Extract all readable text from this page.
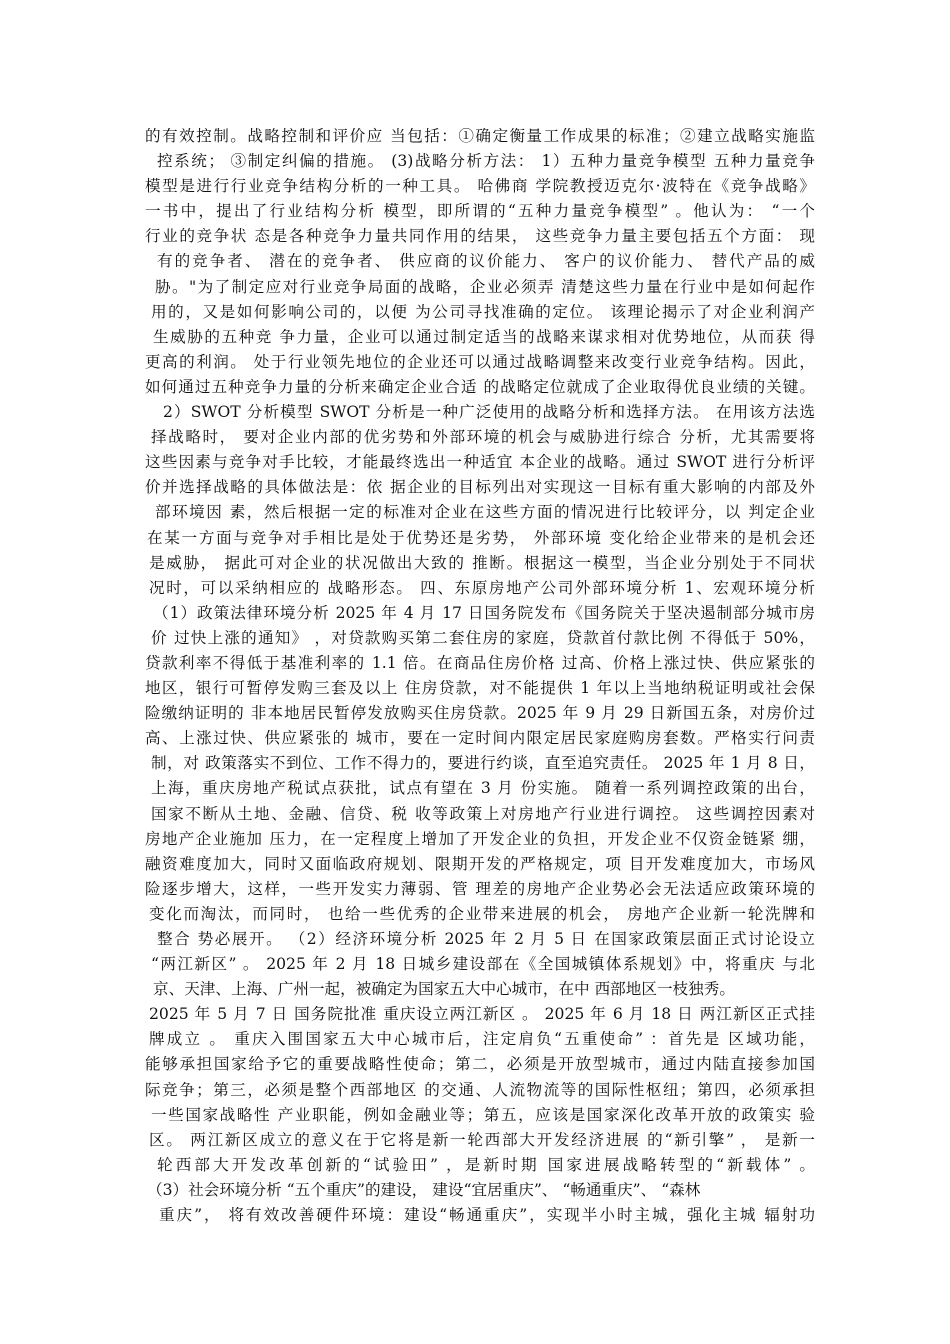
的有效控制。战略控制和评价应 当包括：①确定衡量工作成果的标准；②建立战略实施监
控系统； ③制定纠偏的措施。 (3)战略分析方法： 1）五种力量竞争模型 五种力量竞争
模型是进行行业竞争结构分析的一种工具。 哈佛商 学院教授迈克尔·波特在《竞争战略》
一书中，提出了行业结构分析 模型，即所谓的“五种力量竞争模型” 。他认为： “一个
行业的竞争状 态是各种竞争力量共同作用的结果， 这些竞争力量主要包括五个方面： 现
有的竞争者、 潜在的竞争者、 供应商的议价能力、 客户的议价能力、 替代产品的威
胁。"为了制定应对行业竞争局面的战略，企业必须弄 清楚这些力量在行业中是如何起作
用的，又是如何影响公司的，以便 为公司寻找准确的定位。 该理论揭示了对企业利润产
生威胁的五种竞 争力量，企业可以通过制定适当的战略来谋求相对优势地位，从而获 得
更高的利润。 处于行业领先地位的企业还可以通过战略调整来改变行业竞争结构。因此，
如何通过五种竞争力量的分析来确定企业合适 的战略定位就成了企业取得优良业绩的关键。
2）SWOT 分析模型 SWOT 分析是一种广泛使用的战略分析和选择方法。 在用该方法选
择战略时， 要对企业内部的优劣势和外部环境的机会与威胁进行综合 分析，尤其需要将
这些因素与竞争对手比较，才能最终选出一种适宜 本企业的战略。通过 SWOT 进行分析评
价并选择战略的具体做法是：依 据企业的目标列出对实现这一目标有重大影响的内部及外
部环境因 素，然后根据一定的标准对企业在这些方面的情况进行比较评分，以 判定企业
在某一方面与竞争对手相比是处于优势还是劣势， 外部环境 变化给企业带来的是机会还
是威胁， 据此可对企业的状况做出大致的 推断。根据这一模型，当企业分别处于不同状
况时，可以采纳相应的 战略形态。 四、东原房地产公司外部环境分析 1、宏观环境分析
（1）政策法律环境分析 2025 年 4 月 17 日国务院发布《国务院关于坚决遏制部分城市房
价 过快上涨的通知》 ，对贷款购买第二套住房的家庭，贷款首付款比例 不得低于 50%，
贷款利率不得低于基准利率的 1.1 倍。在商品住房价格 过高、价格上涨过快、供应紧张的
地区，银行可暂停发购三套及以上 住房贷款，对不能提供 1 年以上当地纳税证明或社会保
险缴纳证明的 非本地居民暂停发放购买住房贷款。2025 年 9 月 29 日新国五条，对房价过
高、上涨过快、供应紧张的 城市，要在一定时间内限定居民家庭购房套数。严格实行问责
制，对 政策落实不到位、工作不得力的，要进行约谈，直至追究责任。 2025 年 1 月 8 日，
上海，重庆房地产税试点获批，试点有望在 3 月 份实施。 随着一系列调控政策的出台，
国家不断从土地、金融、信贷、税 收等政策上对房地产行业进行调控。 这些调控因素对
房地产企业施加 压力，在一定程度上增加了开发企业的负担，开发企业不仅资金链紧 绷，
融资难度加大，同时又面临政府规划、限期开发的严格规定，项 目开发难度加大，市场风
险逐步增大，这样，一些开发实力薄弱、管 理差的房地产企业势必会无法适应政策环境的
变化而淘汰，而同时， 也给一些优秀的企业带来进展的机会， 房地产企业新一轮洗牌和
整合 势必展开。 （2）经济环境分析 2025 年 2 月 5 日 在国家政策层面正式讨论设立
“两江新区” 。 2025 年 2 月 18 日城乡建设部在《全国城镇体系规划》中，将重庆 与北
京、天津、上海、广州一起，被确定为国家五大中心城市，在中 西部地区一枝独秀。
2025 年 5 月 7 日 国务院批准 重庆设立两江新区 。 2025 年 6 月 18 日 两江新区正式挂
牌成立 。 重庆入围国家五大中心城市后，注定肩负“五重使命” ：首先是 区域功能，
能够承担国家给予它的重要战略性使命；第二，必须是开放型城市，通过内陆直接参加国
际竞争；第三，必须是整个西部地区 的交通、人流物流等的国际性枢纽；第四，必须承担
一些国家战略性 产业职能，例如金融业等；第五，应该是国家深化改革开放的政策实 验
区。 两江新区成立的意义在于它将是新一轮西部大开发经济进展 的“新引擎” ， 是新一
轮西部大开发改革创新的“试验田” ，是新时期 国家进展战略转型的“新载体” 。
（3）社会环境分析 “五个重庆”的建设， 建设“宜居重庆”、 “畅通重庆”、 “森林
重庆”， 将有效改善硬件环境：建设“畅通重庆”，实现半小时主城，强化主城 辐射功
